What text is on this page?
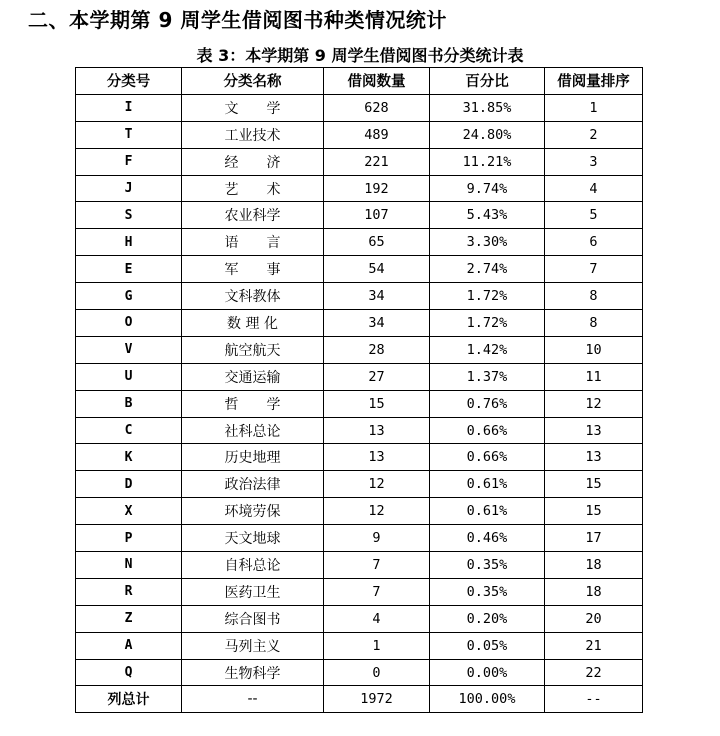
二、本学期第 9 周学生借阅图书种类情况统计
表 3：本学期第 9 周学生借阅图书分类统计表
分类号	分类名称	借阅数量	百分比	借阅量排序
I	文　　学	628	31.85%	1
T	工业技术	489	24.80%	2
F	经　　济	221	11.21%	3
J	艺　　术	192	9.74%	4
S	农业科学	107	5.43%	5
H	语　　言	65	3.30%	6
E	军　　事	54	2.74%	7
G	文科教体	34	1.72%	8
O	数 理 化	34	1.72%	8
V	航空航天	28	1.42%	10
U	交通运输	27	1.37%	11
B	哲　　学	15	0.76%	12
C	社科总论	13	0.66%	13
K	历史地理	13	0.66%	13
D	政治法律	12	0.61%	15
X	环境劳保	12	0.61%	15
P	天文地球	9	0.46%	17
N	自科总论	7	0.35%	18
R	医药卫生	7	0.35%	18
Z	综合图书	4	0.20%	20
A	马列主义	1	0.05%	21
Q	生物科学	0	0.00%	22
列总计	--	1972	100.00%	--
